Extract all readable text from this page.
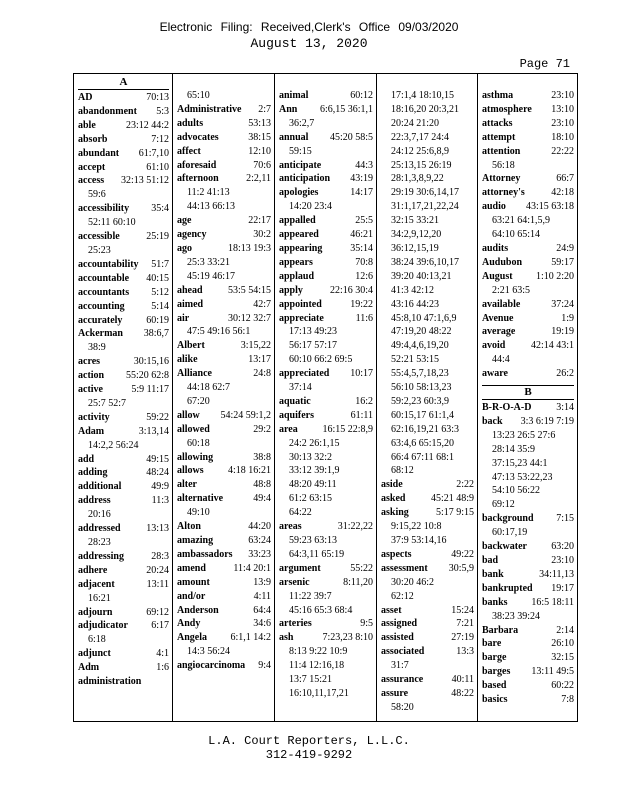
Electronic Filing: Received,Clerk's Office 09/03/2020
August 13, 2020
Page 71
A
AD	70:13
abandonment 5:3
able	23:12 44:2
absorb	7:12
abundant 61:7,10
accept	61:10
access 32:13 51:12
59:6
accessibility 35:4
52:11 60:10
accessible	25:19
25:23
accountability 51:7
accountable 40:15
accountants 5:12
accounting	5:14
accurately 60:19
Ackerman 38:6,7
38:9
acres	30:15,16
action 55:20 62:8
active	5:9 11:17
25:7 52:7
activity	59:22
Adam	3:13,14
14:2,2 56:24
add	49:15
adding	48:24
additional	49:9
address	11:3
20:16
addressed	13:13
28:23
addressing	28:3
adhere	20:24
adjacent	13:11
16:21
adjourn	69:12
adjudicator 6:17
6:18
adjunct	4:1
Adm	1:6
administration
65:10
Administrative 2:7
adults	53:13
advocates	38:15
affect	12:10
aforesaid	70:6
afternoon	2:2,11
11:2 41:13
44:13 66:13
age	22:17
agency	30:2
ago	18:13 19:3
25:3 33:21
45:19 46:17
ahead	53:5 54:15
aimed	42:7
air	30:12 32:7
47:5 49:16 56:1
Albert	3:15,22
alike	13:17
Alliance	24:8
44:18 62:7
67:20
allow 54:24 59:1,2
allowed	29:2
60:18
allowing	38:8
allows 4:18 16:21
alter	48:8
alternative	49:4
49:10
Alton	44:20
amazing	63:24
ambassadors 33:23
amend	11:4 20:1
amount	13:9
and/or	4:11
Anderson	64:4
Andy	34:6
Angela 6:1,1 14:2
14:3 56:24
angiocarcinoma 9:4
animal	60:12
Ann 6:6,15 36:1,1
36:2,7
annual 45:20 58:5
59:15
anticipate	44:3
anticipation 43:19
apologies	14:17
14:20 23:4
appalled	25:5
appeared	46:21
appearing	35:14
appears	70:8
applaud	12:6
apply	22:16 30:4
appointed	19:22
appreciate	11:6
17:13 49:23
56:17 57:17
60:10 66:2 69:5
appreciated 10:17
37:14
aquatic	16:2
aquifers	61:11
area 16:15 22:8,9
24:2 26:1,15
30:13 32:2
33:12 39:1,9
48:20 49:11
61:2 63:15
64:22
areas	31:22,22
59:23 63:13
64:3,11 65:19
argument	55:22
arsenic	8:11,20
11:22 39:7
45:16 65:3 68:4
arteries	9:5
ash	7:23,23 8:10
8:13 9:22 10:9
11:4 12:16,18
13:7 15:21
16:10,11,17,21
17:1,4 18:10,15
18:16,20 20:3,21
20:24 21:20
22:3,7,17 24:4
24:12 25:6,8,9
25:13,15 26:19
28:1,3,8,9,22
29:19 30:6,14,17
31:1,17,21,22,24
32:15 33:21
34:2,9,12,20
36:12,15,19
38:24 39:6,10,17
39:20 40:13,21
41:3 42:12
43:16 44:23
45:8,10 47:1,6,9
47:19,20 48:22
49:4,4,6,19,20
52:21 53:15
55:4,5,7,18,23
56:10 58:13,23
59:2,23 60:3,9
60:15,17 61:1,4
62:16,19,21 63:3
63:4,6 65:15,20
66:4 67:11 68:1
68:12
aside	2:22
asked	45:21 48:9
asking	5:17 9:15
9:15,22 10:8
37:9 53:14,16
aspects	49:22
assessment 30:5,9
30:20 46:2
62:12
asset	15:24
assigned	7:21
assisted	27:19
associated	13:3
31:7
assurance	40:11
assure	48:22
58:20
asthma	23:10
atmosphere 13:10
attacks	23:10
attempt	18:10
attention	22:22
56:18
Attorney	66:7
attorney's	42:18
audio 43:15 63:18
63:21 64:1,5,9
64:10 65:14
audits	24:9
Audubon	59:17
August 1:10 2:20
2:21 63:5
available	37:24
Avenue	1:9
average	19:19
avoid	42:14 43:1
44:4
aware	26:2
B
B-R-O-A-D 3:14
back 3:3 6:19 7:19
13:23 26:5 27:6
28:14 35:9
37:15,23 44:1
47:13 53:22,23
54:10 56:22
69:12
background 7:15
60:17,19
backwater 63:20
bad	23:10
bank	34:11,13
bankrupted 19:17
banks 16:5 18:11
38:23 39:24
Barbara	2:14
bare	26:10
barge	32:15
barges 13:11 49:5
based	60:22
basics	7:8
L.A. Court Reporters, L.L.C.
312-419-9292
